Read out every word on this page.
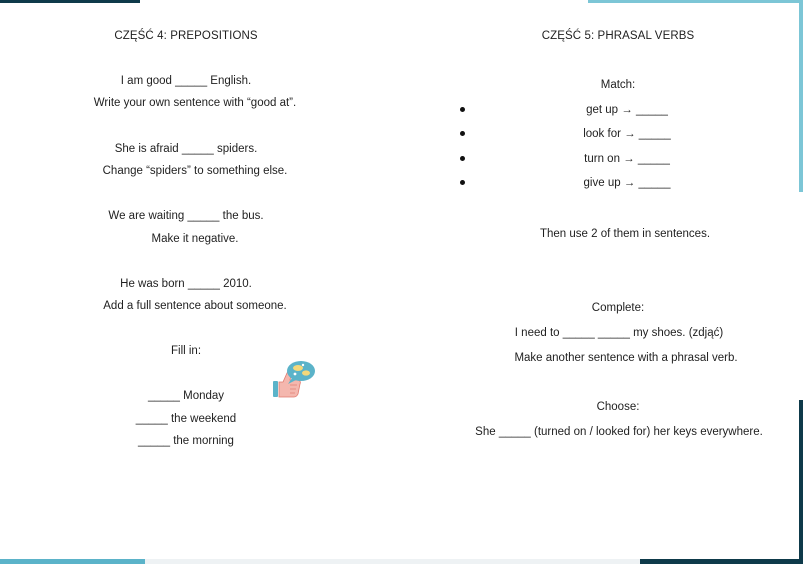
CZĘŚĆ 4: PREPOSITIONS
I am good _____ English.
Write your own sentence with “good at”.
She is afraid _____ spiders.
Change “spiders” to something else.
We are waiting _____ the bus.
Make it negative.
He was born _____ 2010.
Add a full sentence about someone.
Fill in:
_____ Monday
_____ the weekend
_____ the morning
CZĘŚĆ 5: PHRASAL VERBS
Match:
get up → _____
look for → _____
turn on → _____
give up → _____
Then use 2 of them in sentences.
Complete:
I need to _____ _____ my shoes. (zdjąć)
Make another sentence with a phrasal verb.
Choose:
She _____ (turned on / looked for) her keys everywhere.
